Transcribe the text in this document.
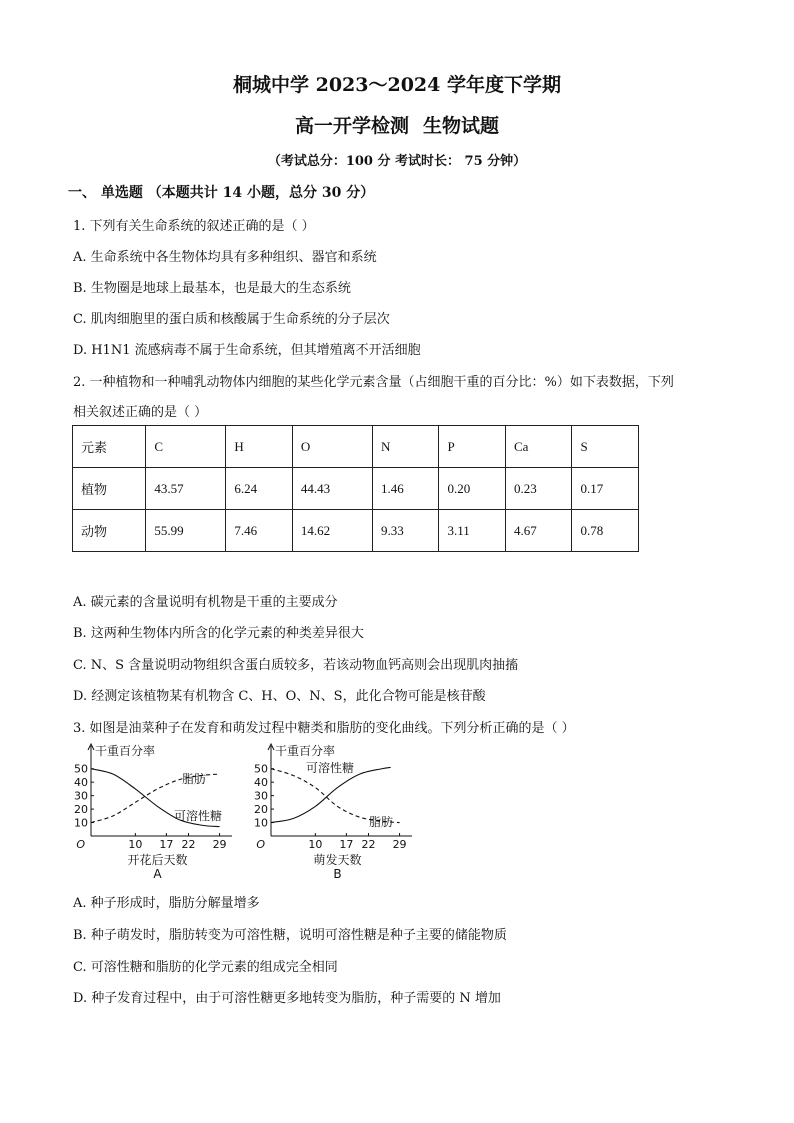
桐城中学 2023～2024 学年度下学期
高一开学检测 生物试题
（考试总分：100 分 考试时长： 75 分钟）
一、 单选题 （本题共计 14 小题，总分 30 分）
1. 下列有关生命系统的叙述正确的是（ ）
A. 生命系统中各生物体均具有多种组织、器官和系统
B. 生物圈是地球上最基本，也是最大的生态系统
C. 肌肉细胞里的蛋白质和核酸属于生命系统的分子层次
D. H1N1 流感病毒不属于生命系统，但其增殖离不开活细胞
2. 一种植物和一种哺乳动物体内细胞的某些化学元素含量（占细胞干重的百分比：%）如下表数据，下列
相关叙述正确的是（ ）
元素	C	H	O	N	P	Ca	S
植物	43.57	6.24	44.43	1.46	0.20	0.23	0.17
动物	55.99	7.46	14.62	9.33	3.11	4.67	0.78
A. 碳元素的含量说明有机物是干重的主要成分
B. 这两种生物体内所含的化学元素的种类差异很大
C. N、S 含量说明动物组织含蛋白质较多，若该动物血钙高则会出现肌肉抽搐
D. 经测定该植物某有机物含 C、H、O、N、S，此化合物可能是核苷酸
3. 如图是油菜种子在发育和萌发过程中糖类和脂肪的变化曲线。下列分析正确的是（ ）
干重百分率
10
20
30
40
50
O	10 17 22 29
开花后天数
A
可溶性糖
脂肪
干重百分率
10
20
30
40
50
O	10 17 22 29
萌发天数
B
可溶性糖
脂肪
A. 种子形成时，脂肪分解量增多
B. 种子萌发时，脂肪转变为可溶性糖，说明可溶性糖是种子主要的储能物质
C. 可溶性糖和脂肪的化学元素的组成完全相同
D. 种子发育过程中，由于可溶性糖更多地转变为脂肪，种子需要的 N 增加
